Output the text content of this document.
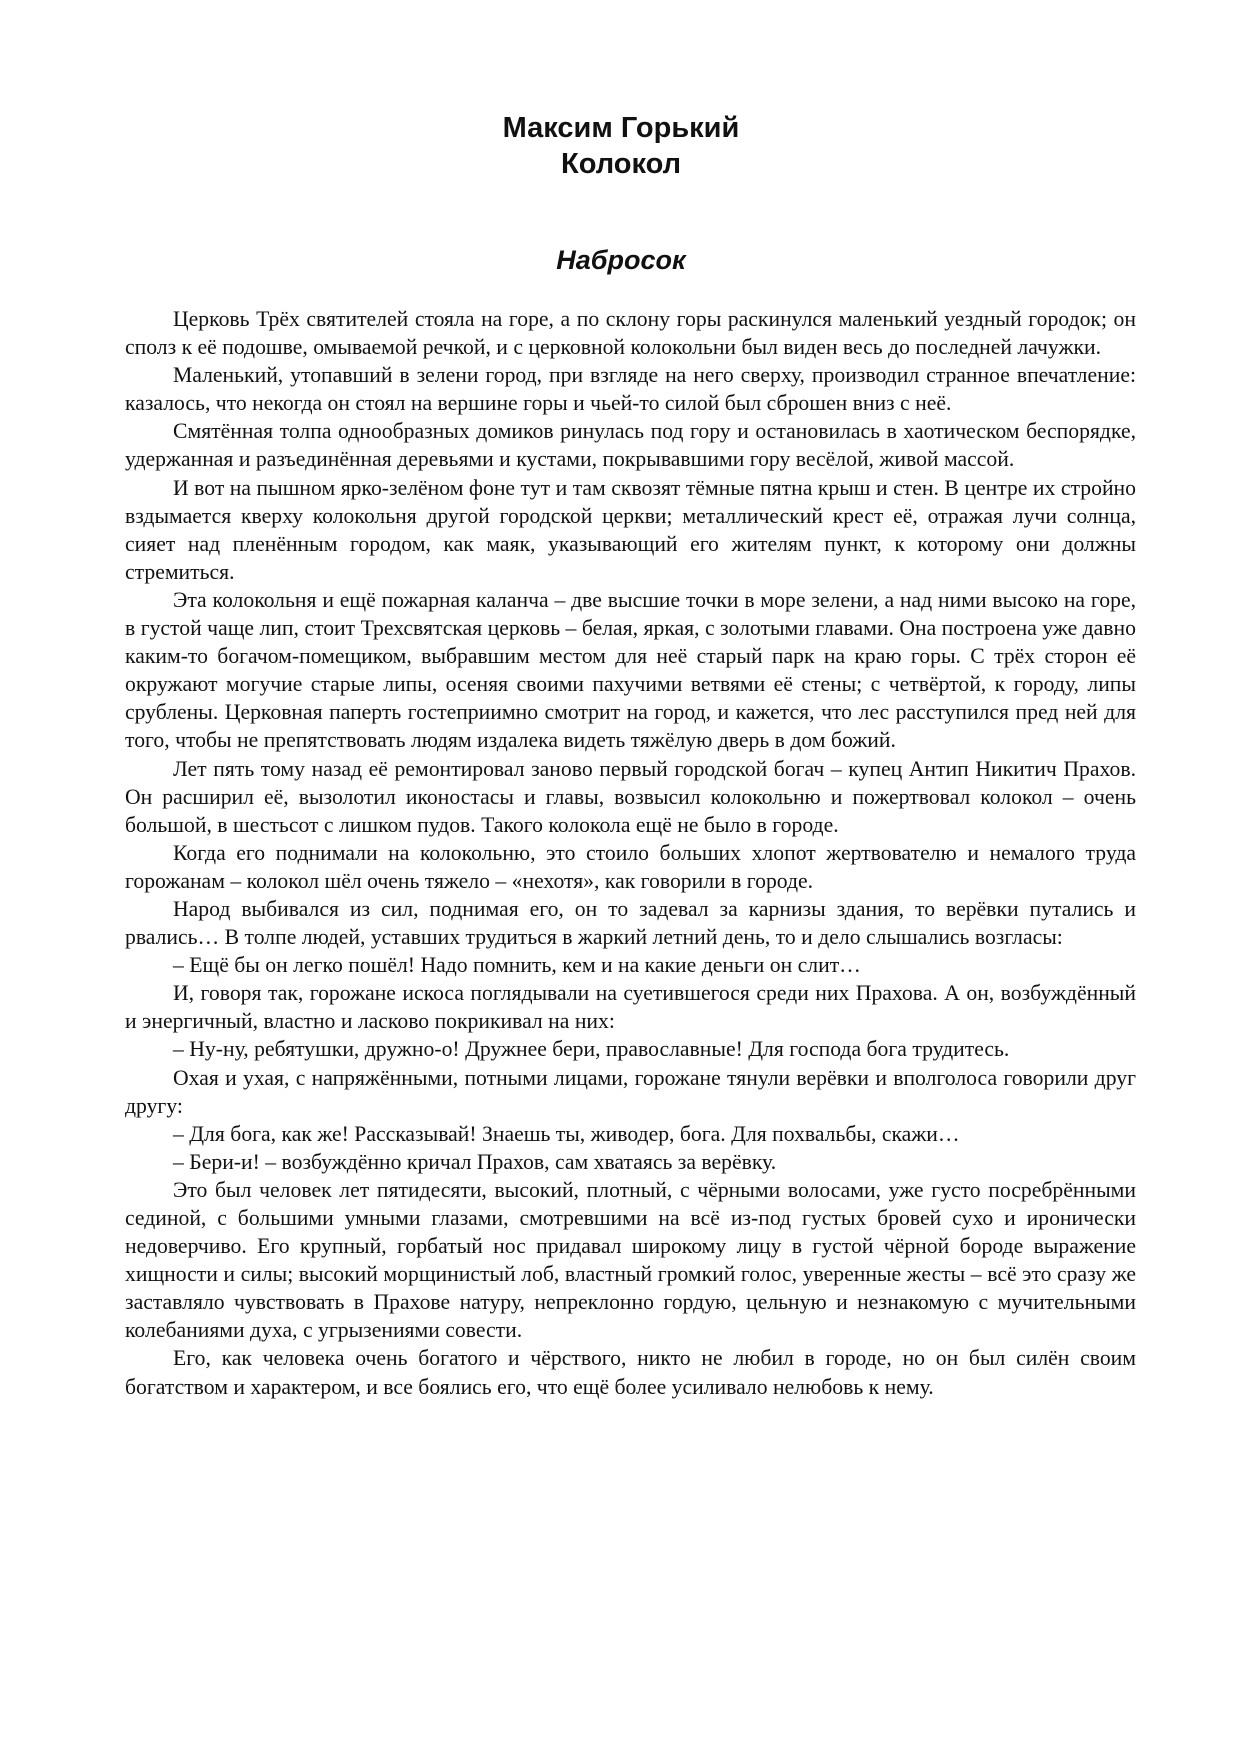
Максим Горький
Колокол
Набросок

Церковь Трёх святителей стояла на горе, а по склону горы раскинулся маленький уездный городок; он сполз к её подошве, омываемой речкой, и с церковной колокольни был виден весь до последней лачужки.

Маленький, утопавший в зелени город, при взгляде на него сверху, производил странное впечатление: казалось, что некогда он стоял на вершине горы и чьей-то силой был сброшен вниз с неё.

Смятённая толпа однообразных домиков ринулась под гору и остановилась в хаотическом беспорядке, удержанная и разъединённая деревьями и кустами, покрывавшими гору весёлой, живой массой.

И вот на пышном ярко-зелёном фоне тут и там сквозят тёмные пятна крыш и стен. В центре их стройно вздымается кверху колокольня другой городской церкви; металлический крест её, отражая лучи солнца, сияет над пленённым городом, как маяк, указывающий его жителям пункт, к которому они должны стремиться.

Эта колокольня и ещё пожарная каланча – две высшие точки в море зелени, а над ними высоко на горе, в густой чаще лип, стоит Трехсвятская церковь – белая, яркая, с золотыми главами. Она построена уже давно каким-то богачом-помещиком, выбравшим местом для неё старый парк на краю горы. С трёх сторон её окружают могучие старые липы, осеняя своими пахучими ветвями её стены; с четвёртой, к городу, липы срублены. Церковная паперть гостеприимно смотрит на город, и кажется, что лес расступился пред ней для того, чтобы не препятствовать людям издалека видеть тяжёлую дверь в дом божий.

Лет пять тому назад её ремонтировал заново первый городской богач – купец Антип Никитич Прахов. Он расширил её, вызолотил иконостасы и главы, возвысил колокольню и пожертвовал колокол – очень большой, в шестьсот с лишком пудов. Такого колокола ещё не было в городе.

Когда его поднимали на колокольню, это стоило больших хлопот жертвователю и немалого труда горожанам – колокол шёл очень тяжело – «нехотя», как говорили в городе.

Народ выбивался из сил, поднимая его, он то задевал за карнизы здания, то верёвки путались и рвались… В толпе людей, уставших трудиться в жаркий летний день, то и дело слышались возгласы:

– Ещё бы он легко пошёл! Надо помнить, кем и на какие деньги он слит…

И, говоря так, горожане искоса поглядывали на суетившегося среди них Прахова. А он, возбуждённый и энергичный, властно и ласково покрикивал на них:

– Ну-ну, ребятушки, дружно-о! Дружнее бери, православные! Для господа бога трудитесь.

Охая и ухая, с напряжёнными, потными лицами, горожане тянули верёвки и вполголоса говорили друг другу:

– Для бога, как же! Рассказывай! Знаешь ты, живодер, бога. Для похвальбы, скажи…

– Бери-и! – возбуждённо кричал Прахов, сам хватаясь за верёвку.

Это был человек лет пятидесяти, высокий, плотный, с чёрными волосами, уже густо посребрёнными сединой, с большими умными глазами, смотревшими на всё из-под густых бровей сухо и иронически недоверчиво. Его крупный, горбатый нос придавал широкому лицу в густой чёрной бороде выражение хищности и силы; высокий морщинистый лоб, властный громкий голос, уверенные жесты – всё это сразу же заставляло чувствовать в Прахове натуру, непреклонно гордую, цельную и незнакомую с мучительными колебаниями духа, с угрызениями совести.

Его, как человека очень богатого и чёрствого, никто не любил в городе, но он был силён своим богатством и характером, и все боялись его, что ещё более усиливало нелюбовь к нему.
